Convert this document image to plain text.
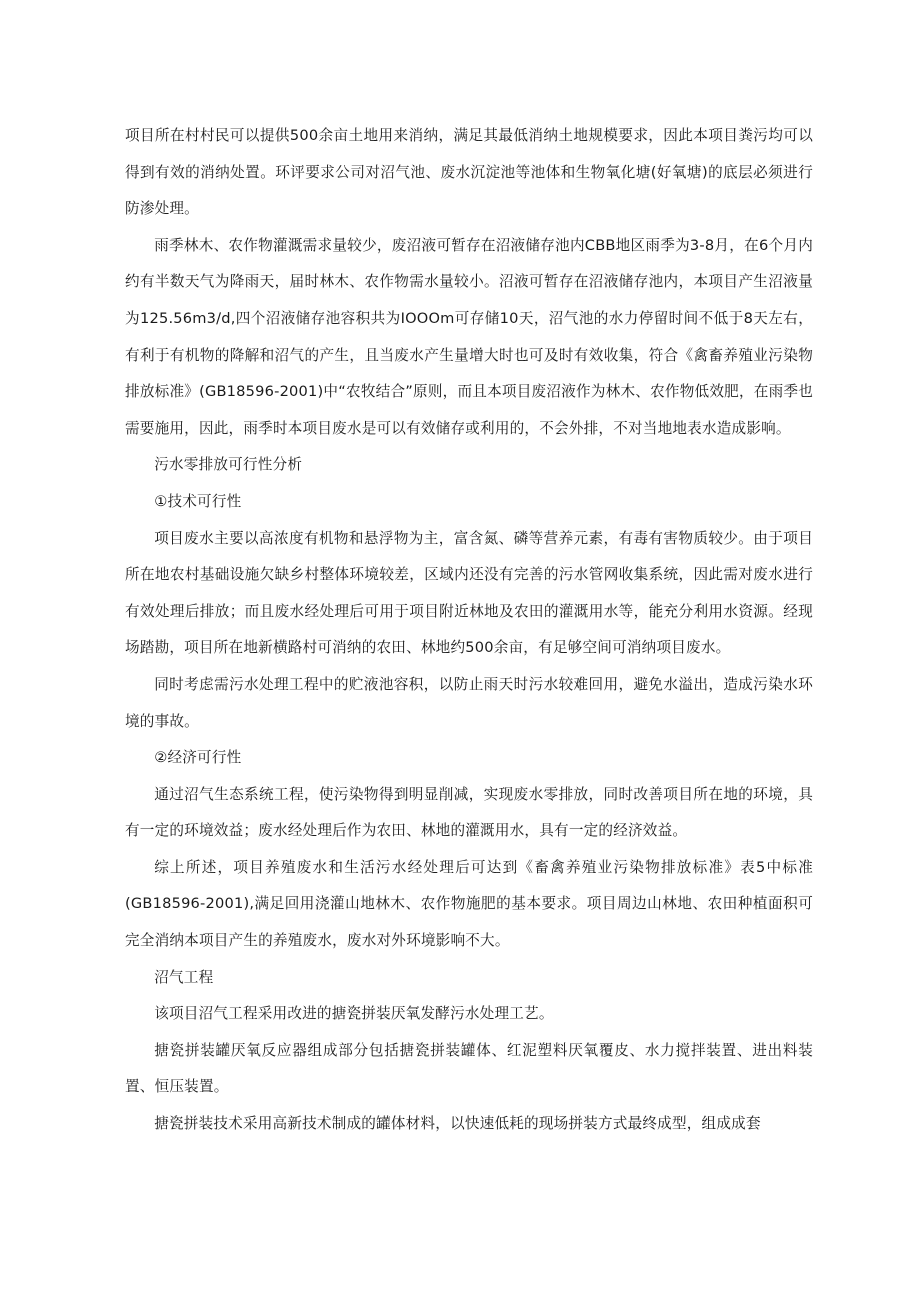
项目所在村村民可以提供500余亩土地用来消纳，满足其最低消纳土地规模要求，因此本项目粪污均可以得到有效的消纳处置。环评要求公司对沼气池、废水沉淀池等池体和生物氧化塘(好氧塘)的底层必须进行防渗处理。

雨季林木、农作物灌溉需求量较少，废沼液可暂存在沼液储存池内CBB地区雨季为3-8月，在6个月内约有半数天气为降雨天，届时林木、农作物需水量较小。沼液可暂存在沼液储存池内，本项目产生沼液量为125.56m3∕d,四个沼液储存池容积共为IOOOm可存储10天，沼气池的水力停留时间不低于8天左右，有利于有机物的降解和沼气的产生，且当废水产生量增大时也可及时有效收集，符合《禽畜养殖业污染物排放标准》(GB18596-2001)中“农牧结合”原则，而且本项目废沼液作为林木、农作物低效肥，在雨季也需要施用，因此，雨季时本项目废水是可以有效储存或利用的，不会外排，不对当地地表水造成影响。

污水零排放可行性分析

①技术可行性

项目废水主要以高浓度有机物和悬浮物为主，富含氮、磷等营养元素，有毒有害物质较少。由于项目所在地农村基础设施欠缺乡村整体环境较差，区域内还没有完善的污水管网收集系统，因此需对废水进行有效处理后排放；而且废水经处理后可用于项目附近林地及农田的灌溉用水等，能充分利用水资源。经现场踏勘，项目所在地新横路村可消纳的农田、林地约500余亩，有足够空间可消纳项目废水。

同时考虑需污水处理工程中的贮液池容积，以防止雨天时污水较难回用，避免水溢出，造成污染水环境的事故。

②经济可行性

通过沼气生态系统工程，使污染物得到明显削减，实现废水零排放，同时改善项目所在地的环境，具有一定的环境效益；废水经处理后作为农田、林地的灌溉用水，具有一定的经济效益。

综上所述，项目养殖废水和生活污水经处理后可达到《畜禽养殖业污染物排放标准》表5中标准(GB18596-2001),满足回用浇灌山地林木、农作物施肥的基本要求。项目周边山林地、农田种植面积可完全消纳本项目产生的养殖废水，废水对外环境影响不大。

沼气工程

该项目沼气工程采用改进的搪瓷拼装厌氧发酵污水处理工艺。

搪瓷拼装罐厌氧反应器组成部分包括搪瓷拼装罐体、红泥塑料厌氧覆皮、水力搅拌装置、进出料装置、恒压装置。

搪瓷拼装技术采用高新技术制成的罐体材料，以快速低耗的现场拼装方式最终成型，组成成套
